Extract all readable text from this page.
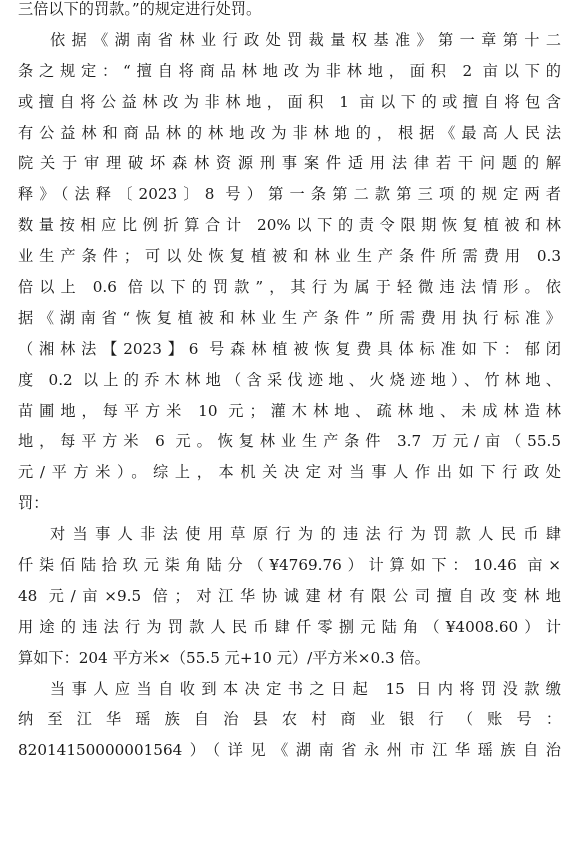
三倍以下的罚款。”的规定进行处罚。
依据《湖南省林业行政处罚裁量权基准》第一章第十二
条之规定：“擅自将商品林地改为非林地，面积 2 亩以下的
或擅自将公益林改为非林地，面积 1 亩以下的或擅自将包含
有公益林和商品林的林地改为非林地的，根据《最高人民法
院关于审理破坏森林资源刑事案件适用法律若干问题的解
释》（法释〔2023〕8 号）第一条第二款第三项的规定两者
数量按相应比例折算合计 20%以下的责令限期恢复植被和林
业生产条件；可以处恢复植被和林业生产条件所需费用 0.3
倍以上 0.6 倍以下的罚款”，其行为属于轻微违法情形。依
据《湖南省“恢复植被和林业生产条件”所需费用执行标准》
（湘林法【2023】6 号森林植被恢复费具体标准如下：郁闭
度 0.2 以上的乔木林地（含采伐迹地、火烧迹地）、竹林地、
苗圃地，每平方米 10 元；灌木林地、疏林地、未成林造林
地，每平方米 6 元。恢复林业生产条件 3.7 万元/亩（55.5
元/平方米）。综上，本机关决定对当事人作出如下行政处
罚：
对当事人非法使用草原行为的违法行为罚款人民币肆
仟柒佰陆拾玖元柒角陆分（¥4769.76）计算如下：10.46 亩×
48 元/亩×9.5 倍；对江华协诚建材有限公司擅自改变林地
用途的违法行为罚款人民币肆仟零捌元陆角（¥4008.60）计
算如下：204 平方米×（55.5 元+10 元）/平方米×0.3 倍。
当事人应当自收到本决定书之日起 15 日内将罚没款缴
纳至江华瑶族自治县农村商业银行（账号：
82014150000001564）（详见《湖南省永州市江华瑶族自治
